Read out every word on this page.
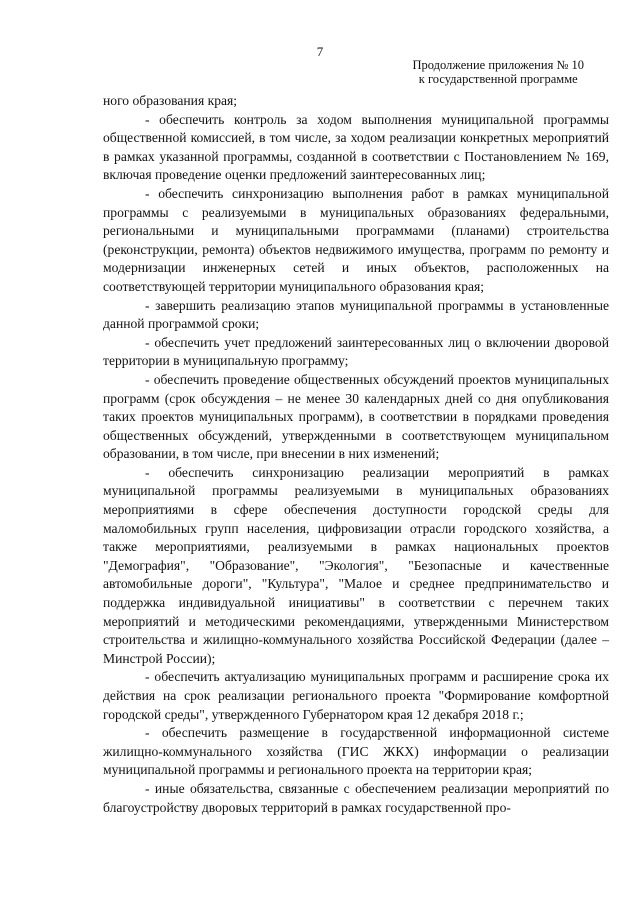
7
Продолжение приложения № 10
к государственной программе

ного образования края;

- обеспечить контроль за ходом выполнения муниципальной программы общественной комиссией, в том числе, за ходом реализации конкретных мероприятий в рамках указанной программы, созданной в соответствии с Постановлением № 169, включая проведение оценки предложений заинтересованных лиц;

- обеспечить синхронизацию выполнения работ в рамках муниципальной программы с реализуемыми в муниципальных образованиях федеральными, региональными и муниципальными программами (планами) строительства (реконструкции, ремонта) объектов недвижимого имущества, программ по ремонту и модернизации инженерных сетей и иных объектов, расположенных на соответствующей территории муниципального образования края;

- завершить реализацию этапов муниципальной программы в установленные данной программой сроки;

- обеспечить учет предложений заинтересованных лиц о включении дворовой территории в муниципальную программу;

- обеспечить проведение общественных обсуждений проектов муниципальных программ (срок обсуждения – не менее 30 календарных дней со дня опубликования таких проектов муниципальных программ), в соответствии в порядками проведения общественных обсуждений, утвержденными в соответствующем муниципальном образовании, в том числе, при внесении в них изменений;

- обеспечить синхронизацию реализации мероприятий в рамках муниципальной программы реализуемыми в муниципальных образованиях мероприятиями в сфере обеспечения доступности городской среды для маломобильных групп населения, цифровизации отрасли городского хозяйства, а также мероприятиями, реализуемыми в рамках национальных проектов "Демография", "Образование", "Экология", "Безопасные и качественные автомобильные дороги", "Культура", "Малое и среднее предпринимательство и поддержка индивидуальной инициативы" в соответствии с перечнем таких мероприятий и методическими рекомендациями, утвержденными Министерством строительства и жилищно-коммунального хозяйства Российской Федерации (далее – Минстрой России);

- обеспечить актуализацию муниципальных программ и расширение срока их действия на срок реализации регионального проекта "Формирование комфортной городской среды", утвержденного Губернатором края 12 декабря 2018 г.;

- обеспечить размещение в государственной информационной системе жилищно-коммунального хозяйства (ГИС ЖКХ) информации о реализации муниципальной программы и регионального проекта на территории края;

- иные обязательства, связанные с обеспечением реализации мероприятий по благоустройству дворовых территорий в рамках государственной про-
